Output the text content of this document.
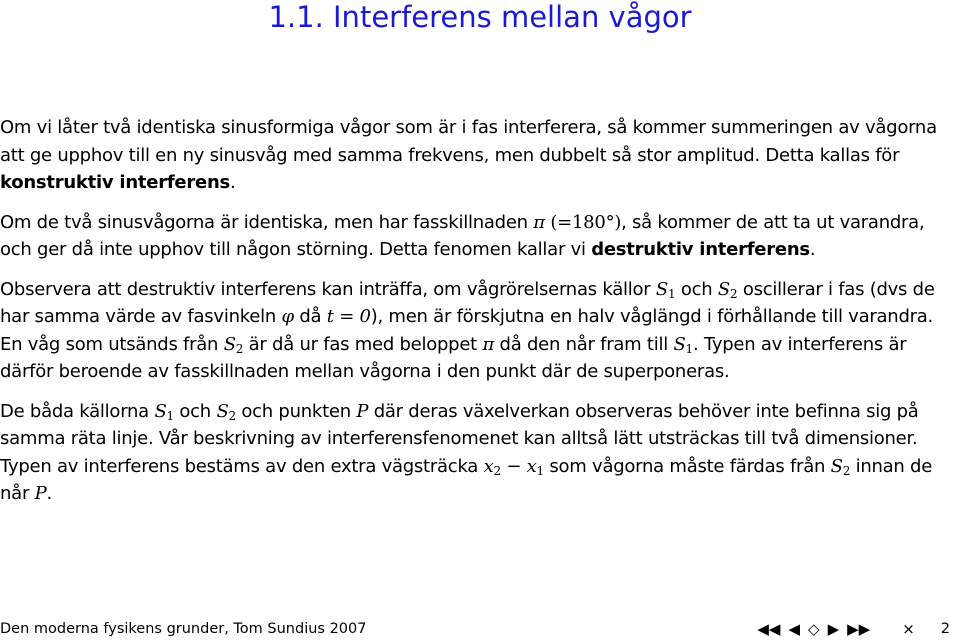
1.1. Interferens mellan vågor

Om vi låter två identiska sinusformiga vågor som är i fas interferera, så kommer summeringen av vågorna att ge upphov till en ny sinusvåg med samma frekvens, men dubbelt så stor amplitud. Detta kallas för konstruktiv interferens.

Om de två sinusvågorna är identiska, men har fasskillnaden π (=180°), så kommer de att ta ut varandra, och ger då inte upphov till någon störning. Detta fenomen kallar vi destruktiv interferens.

Observera att destruktiv interferens kan inträffa, om vågrörelsernas källor $S_1$ och $S_2$ oscillerar i fas (dvs de har samma värde av fasvinkeln φ då t = 0), men är förskjutna en halv våglängd i förhållande till varandra. En våg som utsänds från $S_2$ är då ur fas med beloppet π då den når fram till $S_1$. Typen av interferens är därför beroende av fasskillnaden mellan vågorna i den punkt där de superponeras.

De båda källorna $S_1$ och $S_2$ och punkten P där deras växelverkan observeras behöver inte befinna sig på samma räta linje. Vår beskrivning av interferensfenomenet kan alltså lätt utsträckas till två dimensioner. Typen av interferens bestäms av den extra vägsträcka $x_2 - x_1$ som vågorna måste färdas från $S_2$ innan de når P.

Den moderna fysikens grunder, Tom Sundius 2007	◀◀ ◀ ◇ ▶ ▶▶ × 2
